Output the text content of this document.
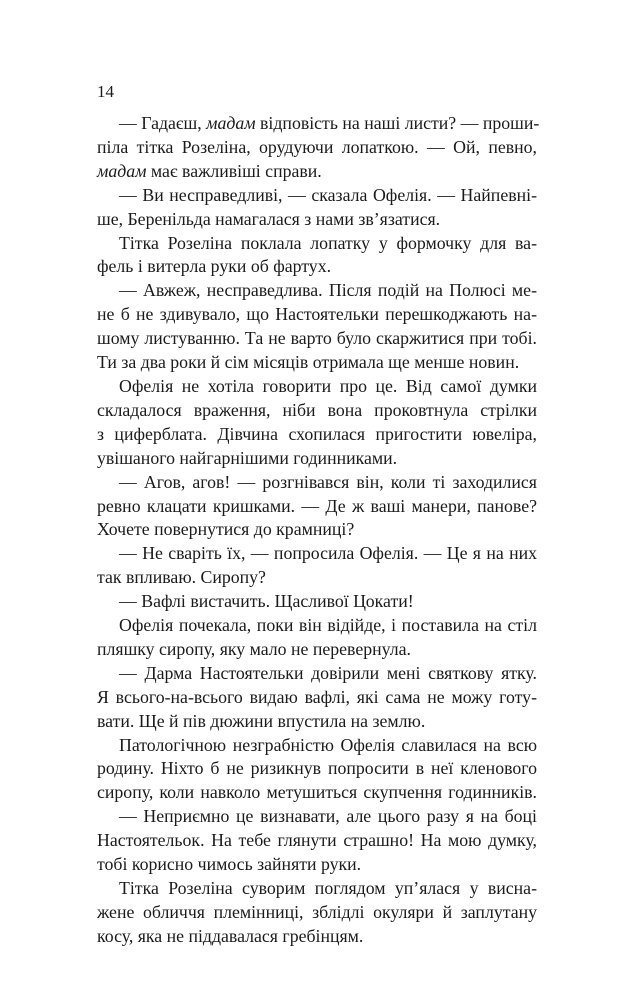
14

— Гадаєш, мадам відповість на наші листи? — проши-
піла тітка Розеліна, орудуючи лопаткою. — Ой, певно,
мадам має важливіші справи.

— Ви несправедливі, — сказала Офелія. — Найпевні-
ше, Беренільда намагалася з нами зв’язатися.

Тітка Розеліна поклала лопатку у формочку для ва-
фель і витерла руки об фартух.

— Авжеж, несправедлива. Після подій на Полюсі ме-
не б не здивувало, що Настоятельки перешкоджають на-
шому листуванню. Та не варто було скаржитися при тобі.
Ти за два роки й сім місяців отримала ще менше новин.

Офелія не хотіла говорити про це. Від самої думки
складалося враження, ніби вона проковтнула стрілки
з циферблата. Дівчина схопилася пригостити ювеліра,
увішаного найгарнішими годинниками.

— Агов, агов! — розгнівався він, коли ті заходилися
ревно клацати кришками. — Де ж ваші манери, панове?
Хочете повернутися до крамниці?

— Не сваріть їх, — попросила Офелія. — Це я на них
так впливаю. Сиропу?

— Вафлі вистачить. Щасливої Цокати!

Офелія почекала, поки він відійде, і поставила на стіл
пляшку сиропу, яку мало не перевернула.

— Дарма Настоятельки довірили мені святкову ятку.
Я всього-на-всього видаю вафлі, які сама не можу готу-
вати. Ще й пів дюжини впустила на землю.

Патологічною незграбністю Офелія славилася на всю
родину. Ніхто б не ризикнув попросити в неї кленового
сиропу, коли навколо метушиться скупчення годинників.

— Неприємно це визнавати, але цього разу я на боці
Настоятельок. На тебе глянути страшно! На мою думку,
тобі корисно чимось зайняти руки.

Тітка Розеліна суворим поглядом уп’ялася у висна-
жене обличчя племінниці, зблідлі окуляри й заплутану
косу, яка не піддавалася гребінцям.
